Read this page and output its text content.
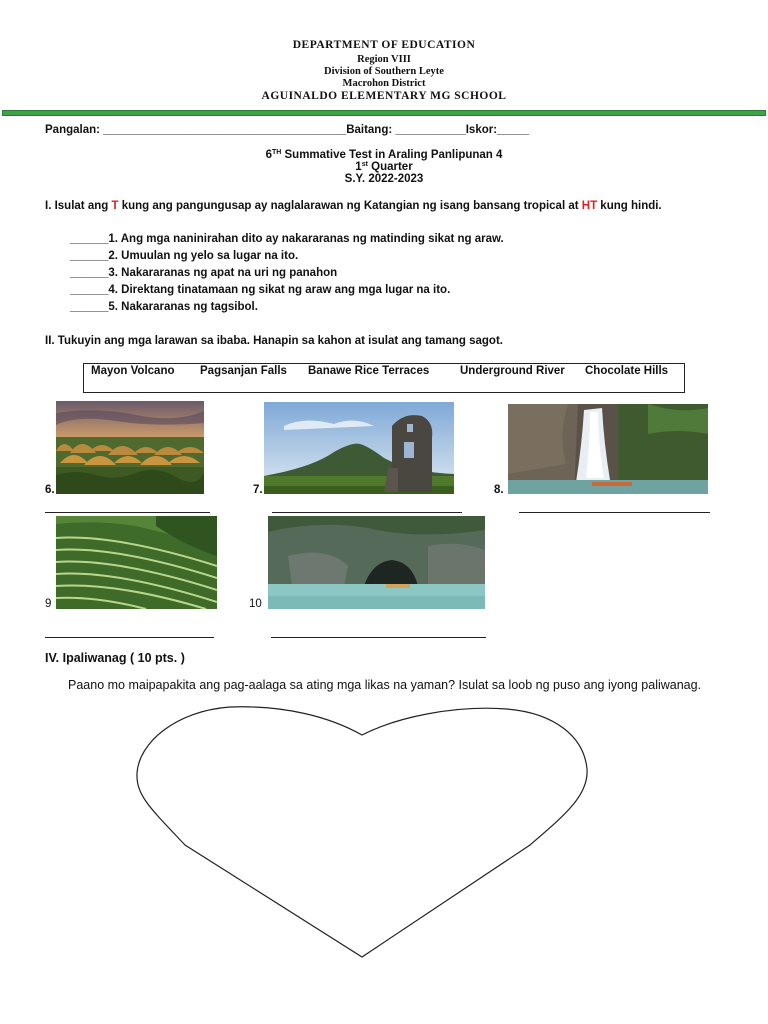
DEPARTMENT OF EDUCATION
Region VIII
Division of Southern Leyte
Macrohon District
AGUINALDO ELEMENTARY MG SCHOOL
Pangalan: ______________________________________Baitang: ___________Iskor:_____
6TH Summative Test in Araling Panlipunan 4
1st Quarter
S.Y. 2022-2023
I. Isulat ang T kung ang pangungusap ay naglalarawan ng Katangian ng isang bansang tropical at HT kung hindi.
______1. Ang mga naninirahan dito ay nakararanas ng matinding sikat ng araw.
______2. Umuulan ng yelo sa lugar na ito.
______3. Nakararanas ng apat na uri ng panahon
______4. Direktang tinatamaan ng sikat ng araw ang mga lugar na ito.
______5. Nakararanas ng tagsibol.
II. Tukuyin ang mga larawan sa ibaba. Hanapin sa kahon at isulat ang tamang sagot.
Mayon Volcano Pagsanjan Falls Banawe Rice Terraces	Underground River Chocolate Hills
6.	7.	8.
9	10
IV. Ipaliwanag ( 10 pts. )
Paano mo maipapakita ang pag-aalaga sa ating mga likas na yaman? Isulat sa loob ng puso ang iyong paliwanag.
